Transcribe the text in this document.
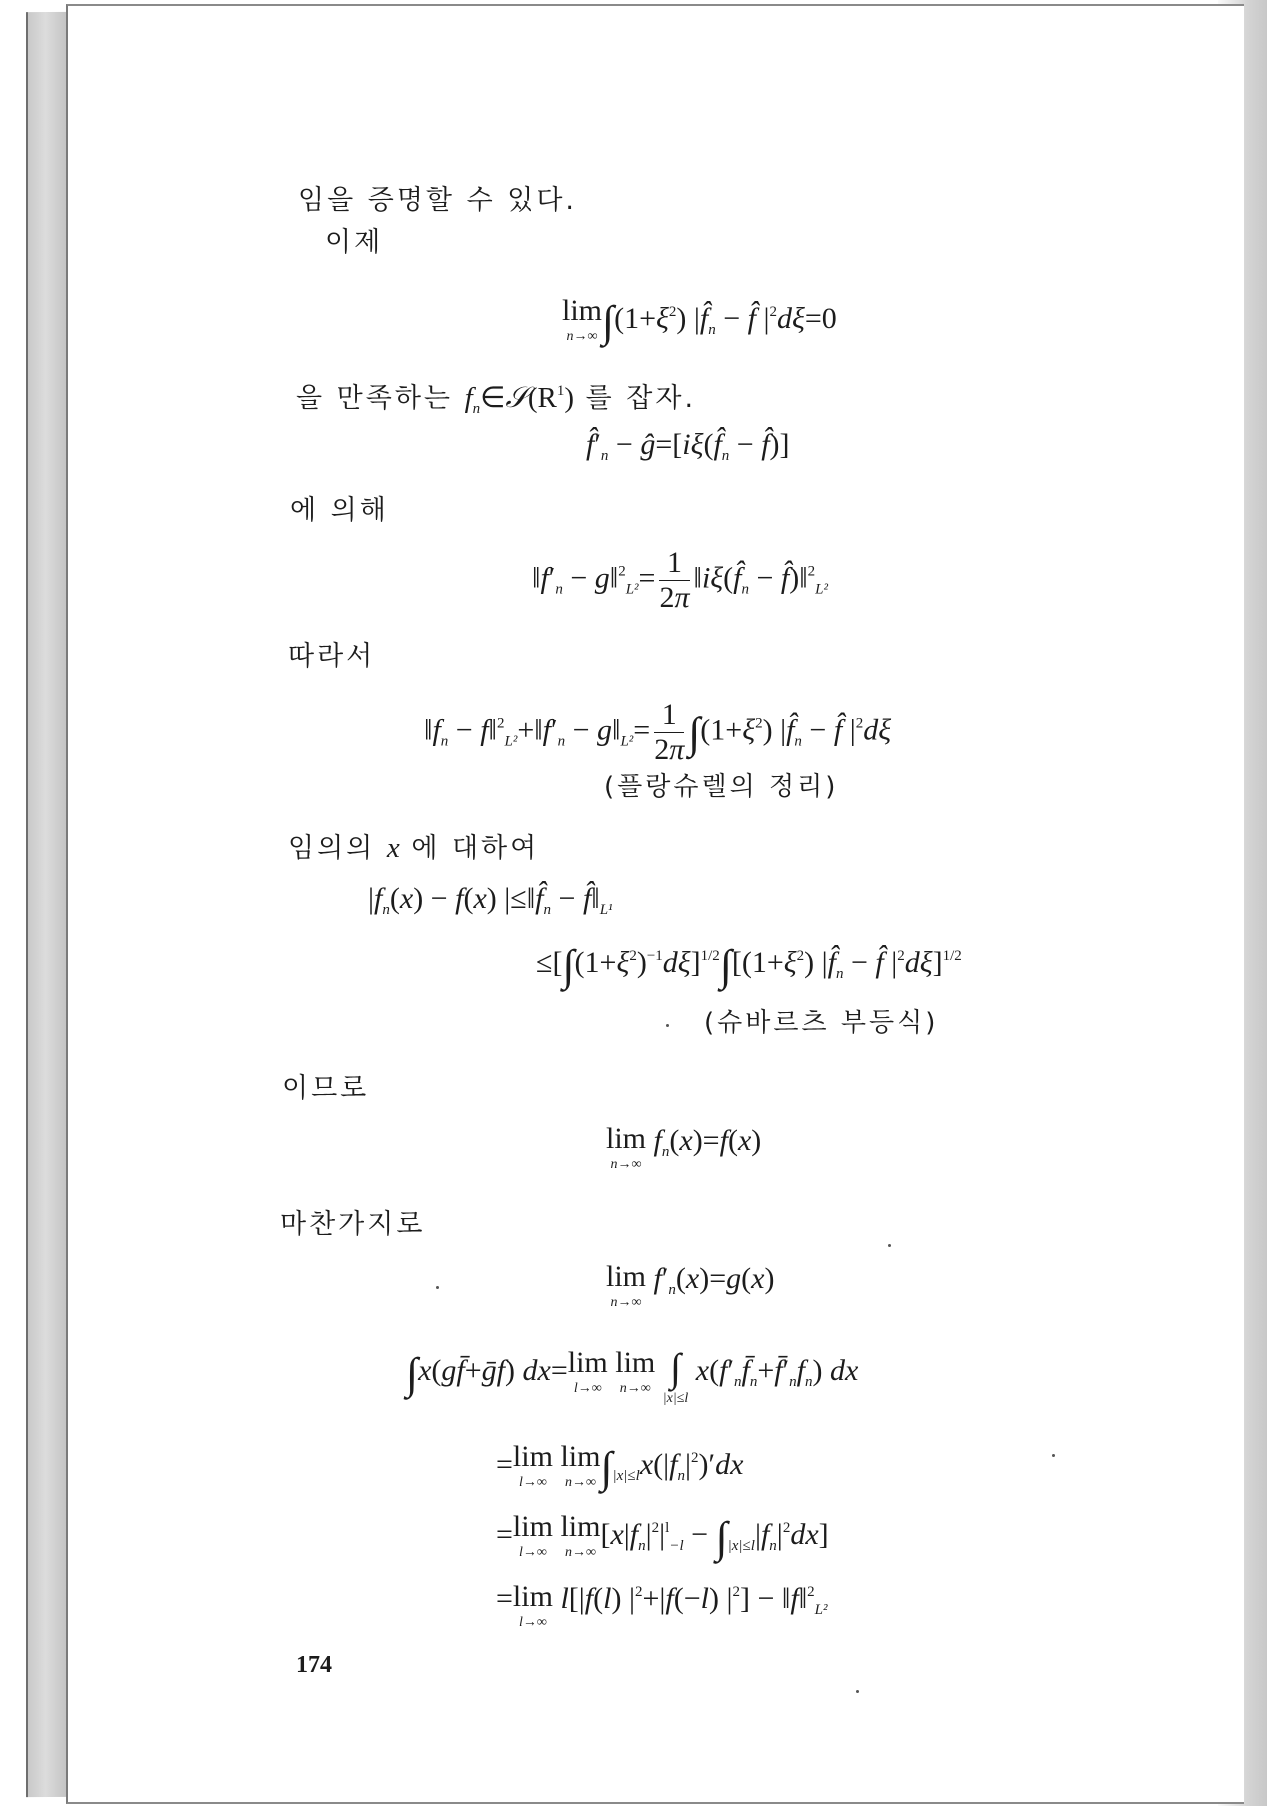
임을 증명할 수 있다.
이제
lim
n→∞ $\int(1+\xi^2)$ $|f̂_n$ − f̂ $|^2d\xi=0$
을 만족하는 $f_n\in 𝒮(R^1)$ 를 잡자.
$f̂'_n$ − $ĝ=[i\xi(f̂_n$ − f̂)]
에 의해
$‖f'_n$ − g‖$^2_{L^2}$= $\frac{1}{2\pi}$ $‖i\xi(f̂_n$ − f̂)‖$^2_{L^2}$
따라서
$‖f_n$ − $f‖^2_{L^2}+‖f'_n$ − $g‖_{L^2}= \frac{1}{2\pi} \int(1+\xi^2)$ $|f̂_n$ − f̂ $|^2d\xi$
(플랑슈렐의 정리)
임의의 x 에 대하여
$|f_n(x) - f(x)$ $|\le‖f̂_n$ − $f̂‖_{L^1}$
$\le[\int(1+\xi^2)^{-1}d\xi]^{1/2}\int[(1+\xi^2)$ $|f̂_n$ − f̂ $|^2d\xi]^{1/2}$
(슈바르츠 부등식)
이므로
lim
n→∞
$f_n(x)=f(x)$
마찬가지로
lim
n→∞
$f'_n(x)=g(x)$
∫x(gf̄+ḡf) dx= lim
l→∞

lim
n→∞
∫
|x|≤l
$x(f'_nf̄_n+f̄'_nf_n)$ dx
= lim
l→∞

lim
n→∞ $\int_{|x|\le l}x(|f_n|^2)'dx$
= lim
l→∞

lim
n→∞
$[x|f_n|^2|^l_{-l} - \int_{|x|\le l}|f_n|^2dx]$
= lim
l→∞
l[|f(l) $|^2+|f(-l) |^2$] − ‖f‖$^2_{L^2}$
174
